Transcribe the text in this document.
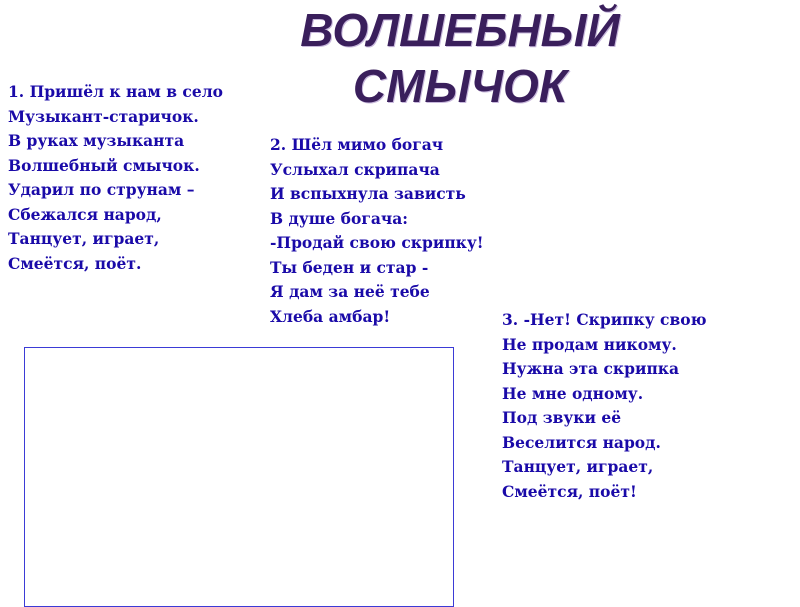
ВОЛШЕБНЫЙ
СМЫЧОК
1. Пришёл к нам в село
Музыкант-старичок.
В руках музыканта
Волшебный смычок.
Ударил по струнам –
Сбежался народ,
Танцует, играет,
Смеётся, поёт.
2. Шёл мимо богач
Услыхал скрипача
И вспыхнула зависть
В душе богача:
-Продай свою скрипку!
Ты беден и стар -
Я дам за неё тебе
Хлеба амбар!	3. -Нет! Скрипку свою
Не продам никому.
Нужна эта скрипка
Не мне одному.
Под звуки её
Веселится народ.
Танцует, играет,
Смеётся, поёт!
